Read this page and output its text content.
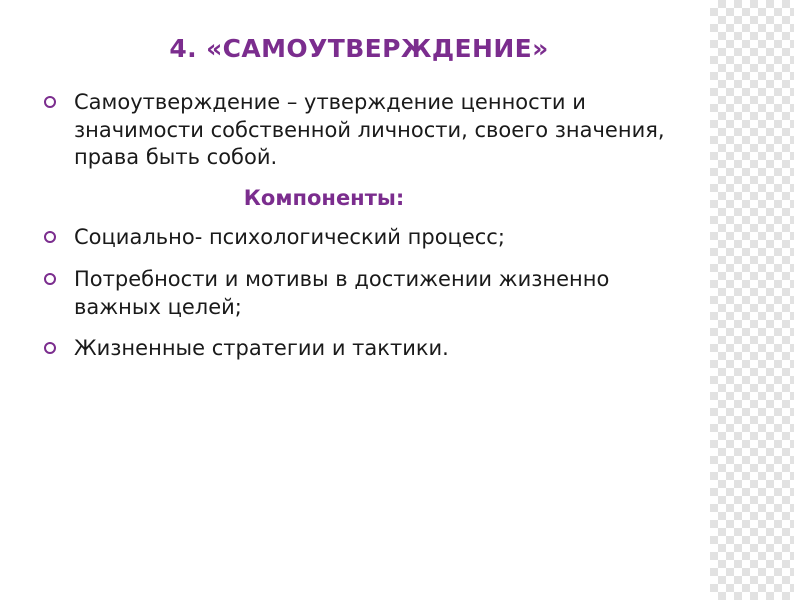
4. «САМОУТВЕРЖДЕНИЕ»
Самоутверждение – утверждение ценности и значимости собственной личности, своего значения, права быть собой.
Компоненты:
Социально- психологический процесс;
Потребности и мотивы в достижении жизненно важных целей;
Жизненные стратегии и тактики.
